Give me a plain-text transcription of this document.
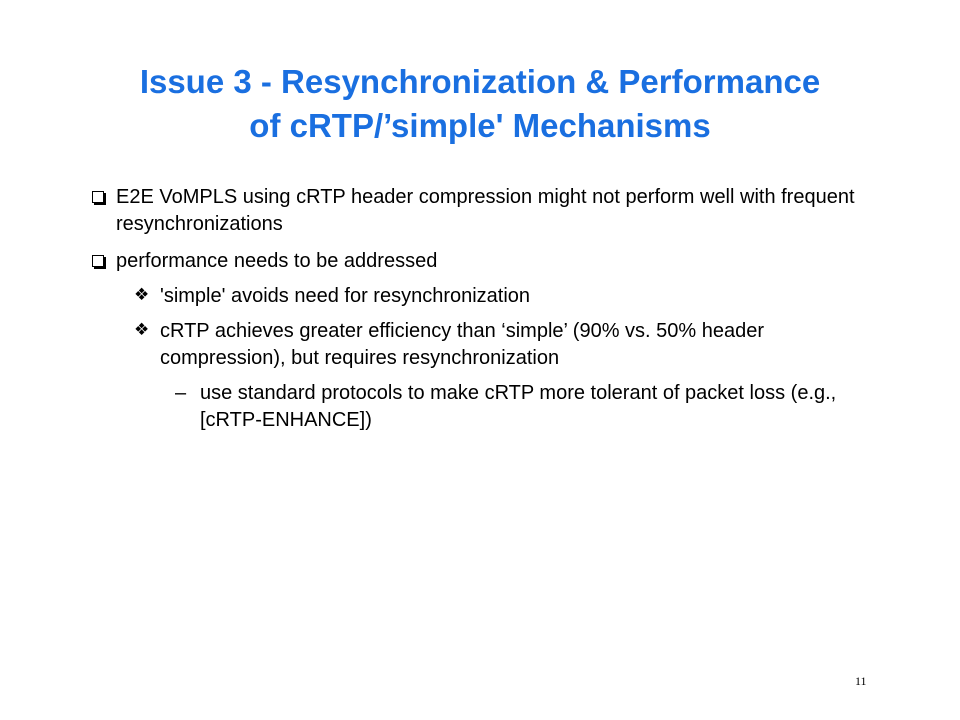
Issue 3 - Resynchronization & Performance
of cRTP/’simple' Mechanisms
E2E VoMPLS using cRTP header compression might not perform well with frequent resynchronizations
performance needs to be addressed
❖ 'simple' avoids need for resynchronization
❖ cRTP achieves greater efficiency than ‘simple’ (90% vs. 50% header compression), but requires resynchronization
– use standard protocols to make cRTP more tolerant of packet loss (e.g., [cRTP-ENHANCE])
11
